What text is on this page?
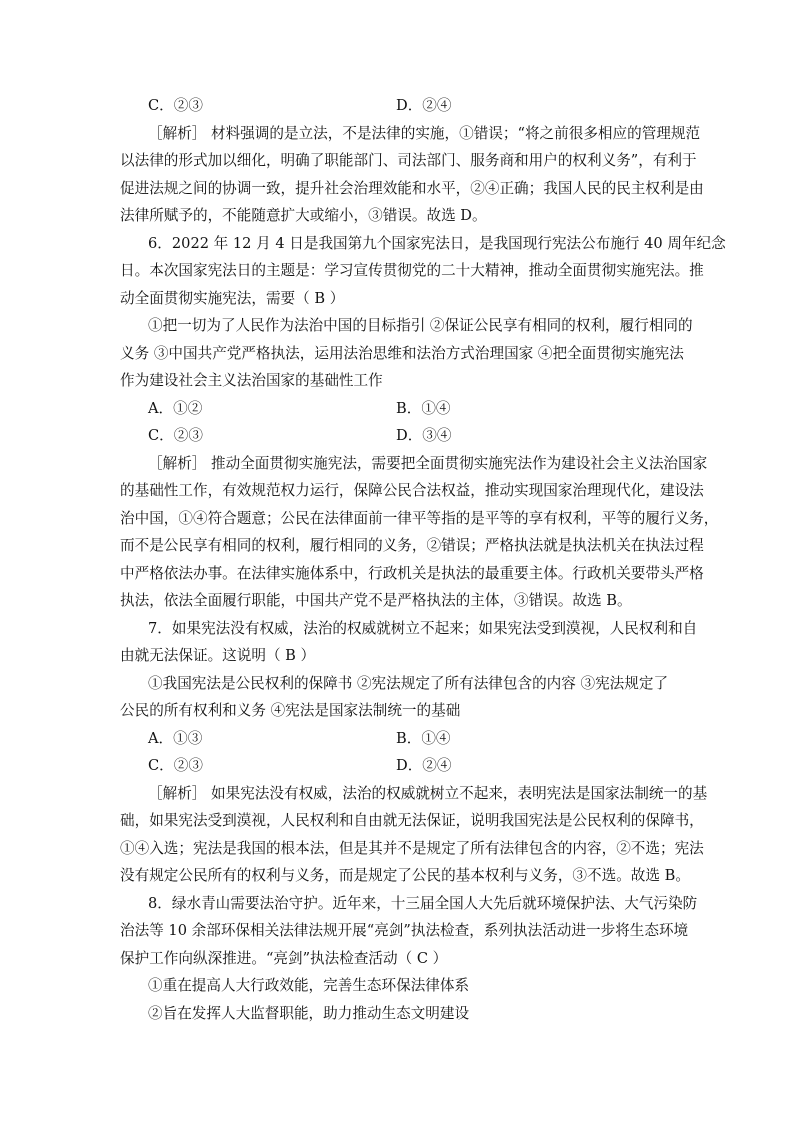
C．②③	D．②④
［解析］ 材料强调的是立法，不是法律的实施，①错误；“将之前很多相应的管理规范
以法律的形式加以细化，明确了职能部门、司法部门、服务商和用户的权利义务”，有利于
促进法规之间的协调一致，提升社会治理效能和水平，②④正确；我国人民的民主权利是由
法律所赋予的，不能随意扩大或缩小，③错误。故选 D。
6．2022 年 12 月 4 日是我国第九个国家宪法日，是我国现行宪法公布施行 40 周年纪念
日。本次国家宪法日的主题是：学习宣传贯彻党的二十大精神，推动全面贯彻实施宪法。推
动全面贯彻实施宪法，需要（ B ）
①把一切为了人民作为法治中国的目标指引 ②保证公民享有相同的权利，履行相同的
义务 ③中国共产党严格执法，运用法治思维和法治方式治理国家 ④把全面贯彻实施宪法
作为建设社会主义法治国家的基础性工作
A．①②	B．①④
C．②③	D．③④
［解析］ 推动全面贯彻实施宪法，需要把全面贯彻实施宪法作为建设社会主义法治国家
的基础性工作，有效规范权力运行，保障公民合法权益，推动实现国家治理现代化，建设法
治中国，①④符合题意；公民在法律面前一律平等指的是平等的享有权利，平等的履行义务，
而不是公民享有相同的权利，履行相同的义务，②错误；严格执法就是执法机关在执法过程
中严格依法办事。在法律实施体系中，行政机关是执法的最重要主体。行政机关要带头严格
执法，依法全面履行职能，中国共产党不是严格执法的主体，③错误。故选 B。
7．如果宪法没有权威，法治的权威就树立不起来；如果宪法受到漠视，人民权利和自
由就无法保证。这说明（ B ）
①我国宪法是公民权利的保障书 ②宪法规定了所有法律包含的内容 ③宪法规定了
公民的所有权利和义务 ④宪法是国家法制统一的基础
A．①③	B．①④
C．②③	D．②④
［解析］ 如果宪法没有权威，法治的权威就树立不起来，表明宪法是国家法制统一的基
础，如果宪法受到漠视，人民权利和自由就无法保证，说明我国宪法是公民权利的保障书，
①④入选；宪法是我国的根本法，但是其并不是规定了所有法律包含的内容，②不选；宪法
没有规定公民所有的权利与义务，而是规定了公民的基本权利与义务，③不选。故选 B。
8．绿水青山需要法治守护。近年来，十三届全国人大先后就环境保护法、大气污染防
治法等 10 余部环保相关法律法规开展“亮剑”执法检查，系列执法活动进一步将生态环境
保护工作向纵深推进。“亮剑”执法检查活动（ C ）
①重在提高人大行政效能，完善生态环保法律体系
②旨在发挥人大监督职能，助力推动生态文明建设
